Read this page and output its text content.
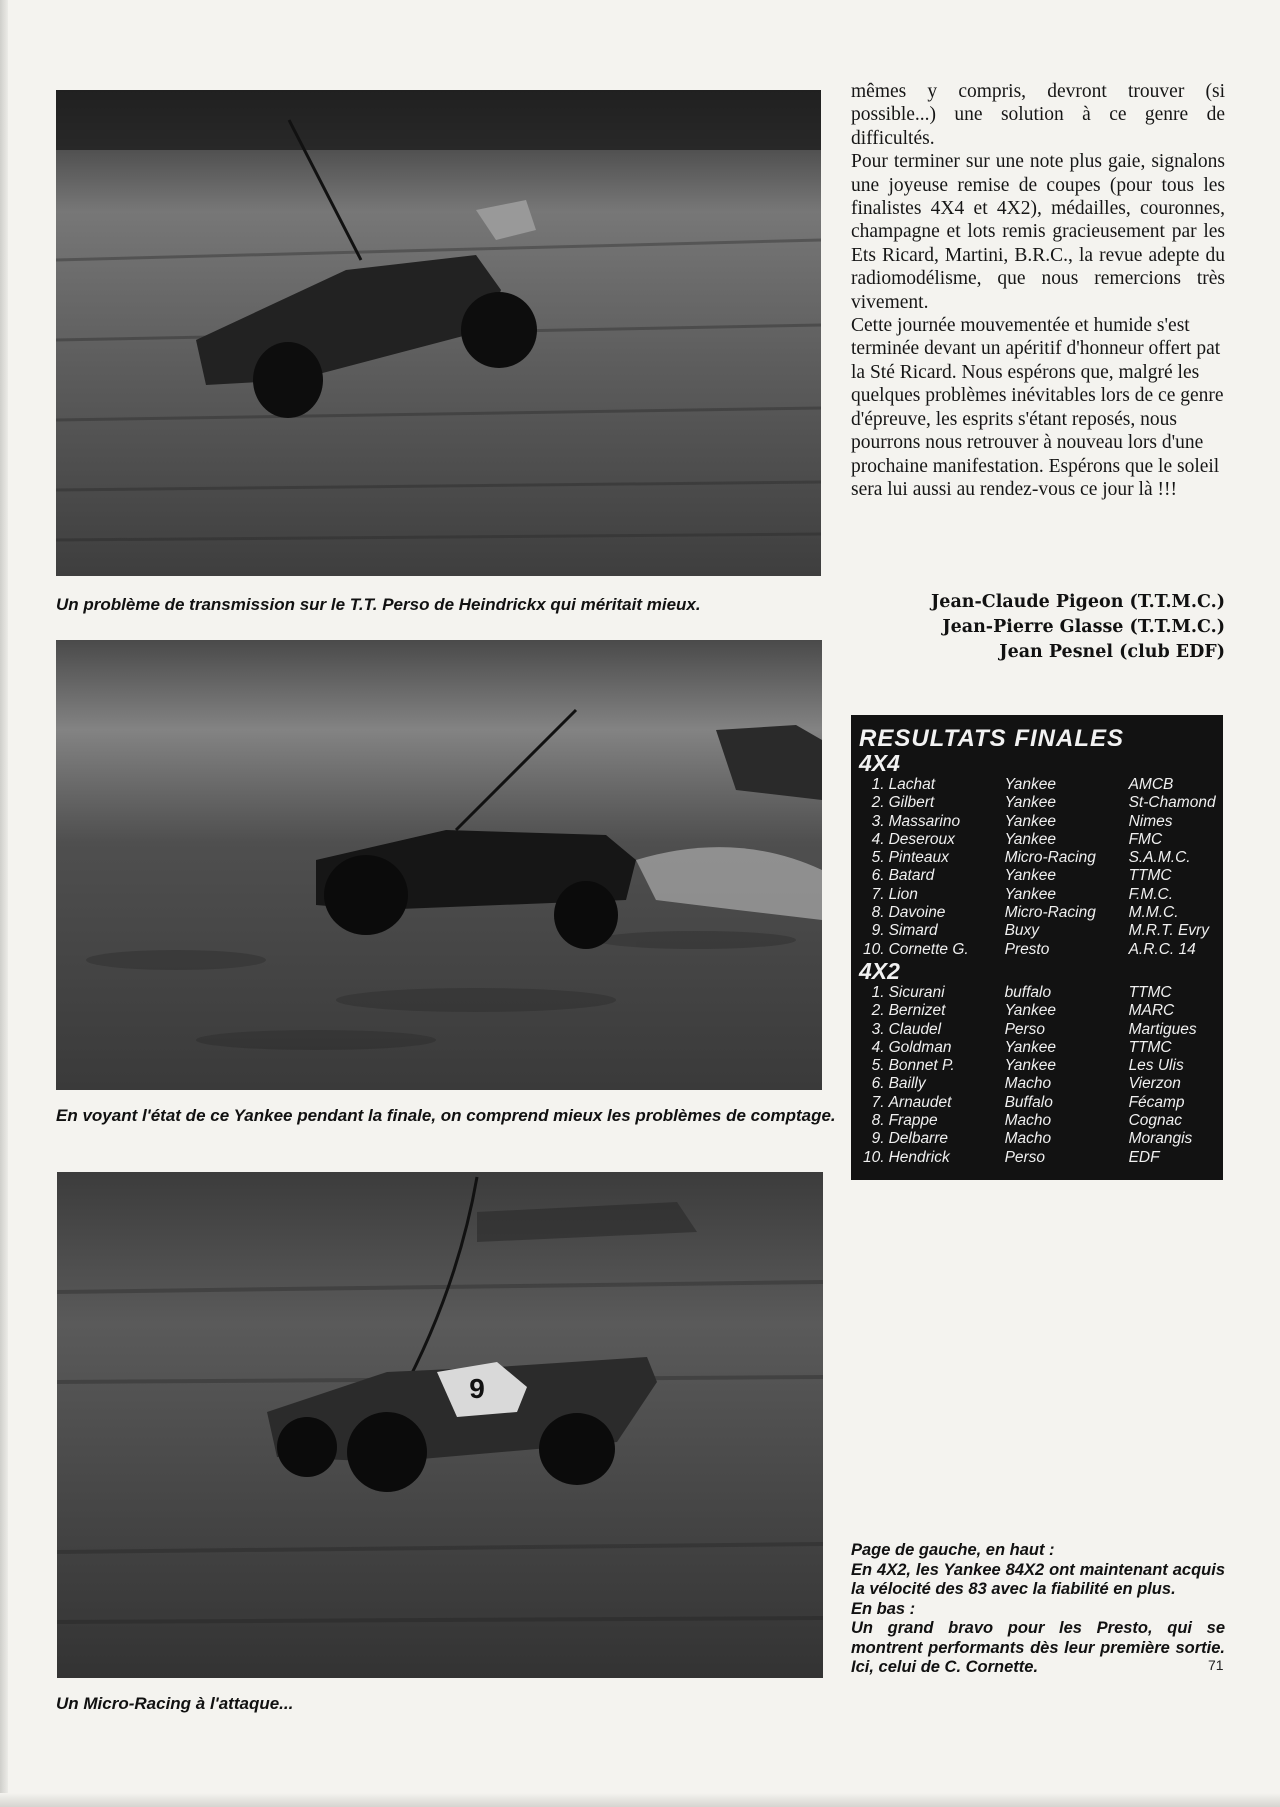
Un problème de transmission sur le T.T. Perso de Heindrickx qui méritait mieux.
En voyant l'état de ce Yankee pendant la finale, on comprend mieux les problèmes de comptage.
9
Un Micro-Racing à l'attaque...

mêmes y compris, devront trouver (si possible...) une solution à ce genre de difficultés.

Pour terminer sur une note plus gaie, signalons une joyeuse remise de coupes (pour tous les finalistes 4X4 et 4X2), médailles, couronnes, champagne et lots remis gracieusement par les Ets Ricard, Martini, B.R.C., la revue adepte du radiomodélisme, que nous remercions très vivement.

Cette journée mouvementée et humide s'est terminée devant un apéritif d'honneur offert pat la Sté Ricard. Nous espérons que, malgré les quelques problèmes inévitables lors de ce genre d'épreuve, les esprits s'étant reposés, nous pourrons nous retrouver à nouveau lors d'une prochaine manifestation. Espérons que le soleil sera lui aussi au rendez-vous ce jour là !!!

Jean-Claude Pigeon (T.T.M.C.)
Jean-Pierre Glasse (T.T.M.C.)
Jean Pesnel (club EDF)
RESULTATS FINALES
4X4
1.	Lachat	Yankee	AMCB
2.	Gilbert	Yankee	St-Chamond
3.	Massarino	Yankee	Nimes
4.	Deseroux	Yankee	FMC
5.	Pinteaux	Micro-Racing	S.A.M.C.
6.	Batard	Yankee	TTMC
7.	Lion	Yankee	F.M.C.
8.	Davoine	Micro-Racing	M.M.C.
9.	Simard	Buxy	M.R.T. Evry
10.	Cornette G.	Presto	A.R.C. 14
4X2
1.	Sicurani	buffalo	TTMC
2.	Bernizet	Yankee	MARC
3.	Claudel	Perso	Martigues
4.	Goldman	Yankee	TTMC
5.	Bonnet P.	Yankee	Les Ulis
6.	Bailly	Macho	Vierzon
7.	Arnaudet	Buffalo	Fécamp
8.	Frappe	Macho	Cognac
9.	Delbarre	Macho	Morangis
10.	Hendrick	Perso	EDF

Page de gauche, en haut :

En 4X2, les Yankee 84X2 ont maintenant acquis la vélocité des 83 avec la fiabilité en plus.

En bas :

Un grand bravo pour les Presto, qui se montrent performants dès leur première sortie. Ici, celui de C. Cornette.	71
